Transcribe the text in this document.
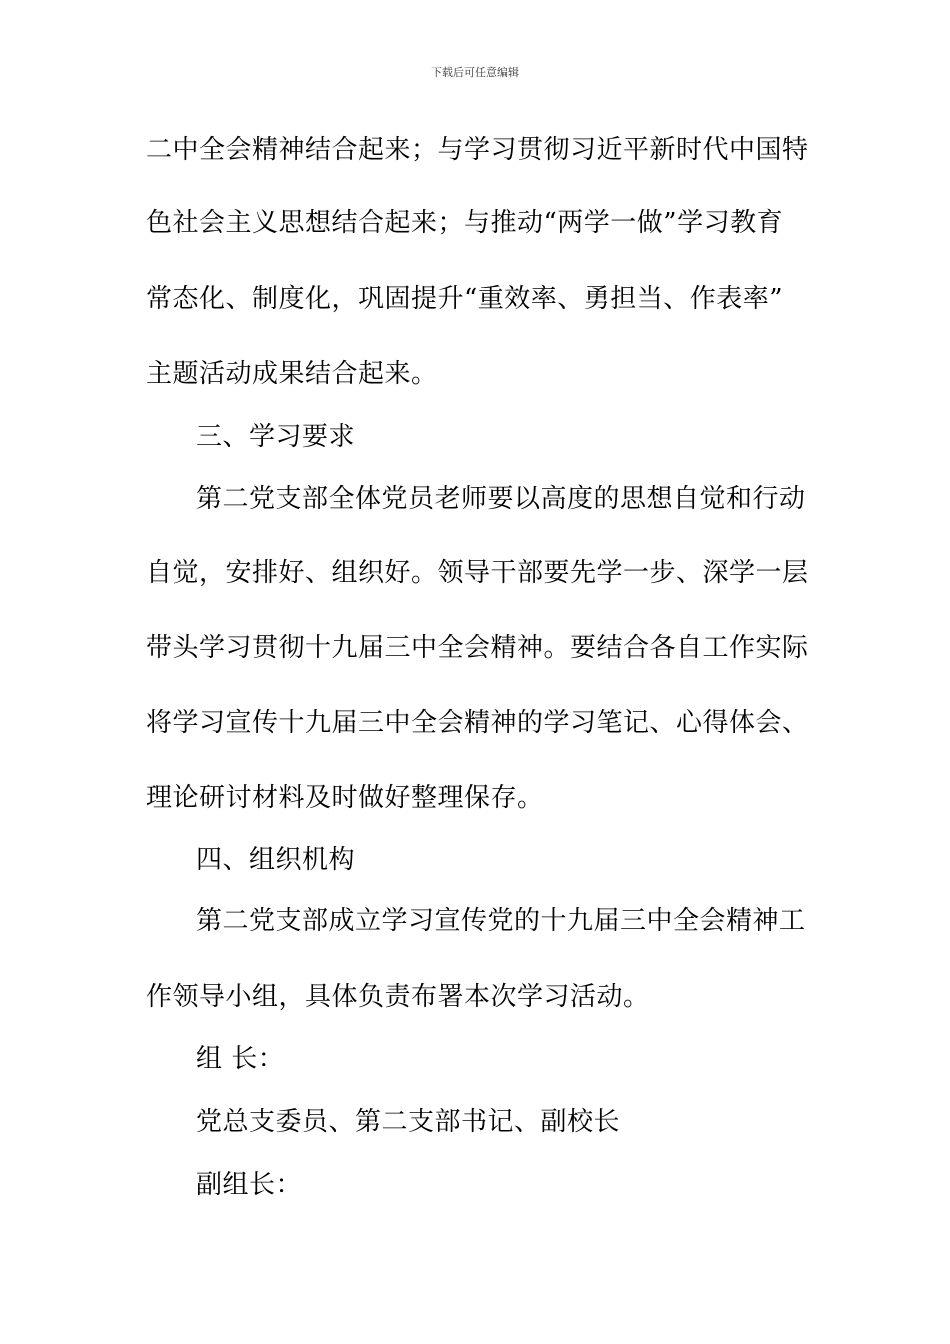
下载后可任意编辑
二中全会精神结合起来；与学习贯彻习近平新时代中国特
色社会主义思想结合起来；与推动“两学一做”学习教育
常态化、制度化，巩固提升“重效率、勇担当、作表率”
主题活动成果结合起来。
三、学习要求
第二党支部全体党员老师要以高度的思想自觉和行动
自觉，安排好、组织好。领导干部要先学一步、深学一层
带头学习贯彻十九届三中全会精神。要结合各自工作实际
将学习宣传十九届三中全会精神的学习笔记、心得体会、
理论研讨材料及时做好整理保存。
四、组织机构
第二党支部成立学习宣传党的十九届三中全会精神工
作领导小组，具体负责布署本次学习活动。
组 长：
党总支委员、第二支部书记、副校长
副组长：
